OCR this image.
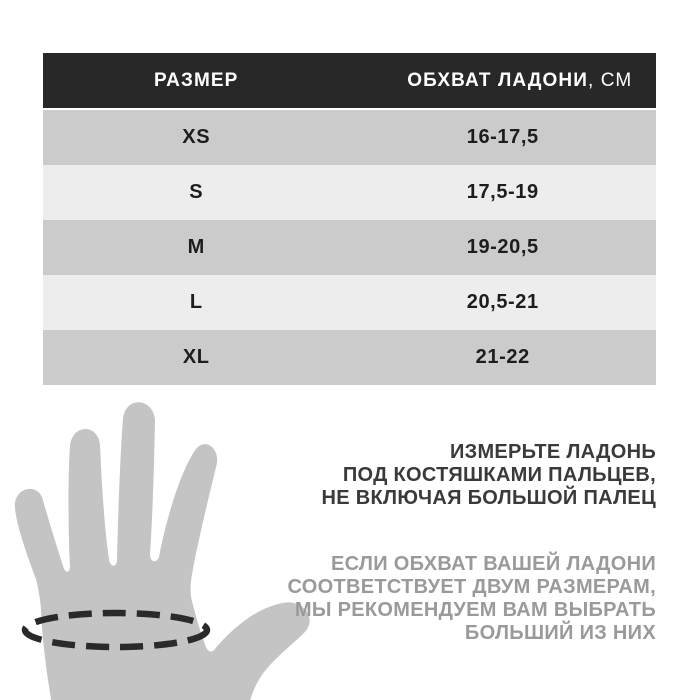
РАЗМЕР	ОБХВАТ ЛАДОНИ , СМ
XS	16-17,5
S	17,5-19
M	19-20,5
L	20,5-21
XL	21-22
ИЗМЕРЬТЕ ЛАДОНЬ
ПОД КОСТЯШКАМИ ПАЛЬЦЕВ,
НЕ ВКЛЮЧАЯ БОЛЬШОЙ ПАЛЕЦ
ЕСЛИ ОБХВАТ ВАШЕЙ ЛАДОНИ
СООТВЕТСТВУЕТ ДВУМ РАЗМЕРАМ,
МЫ РЕКОМЕНДУЕМ ВАМ ВЫБРАТЬ
БОЛЬШИЙ ИЗ НИХ
